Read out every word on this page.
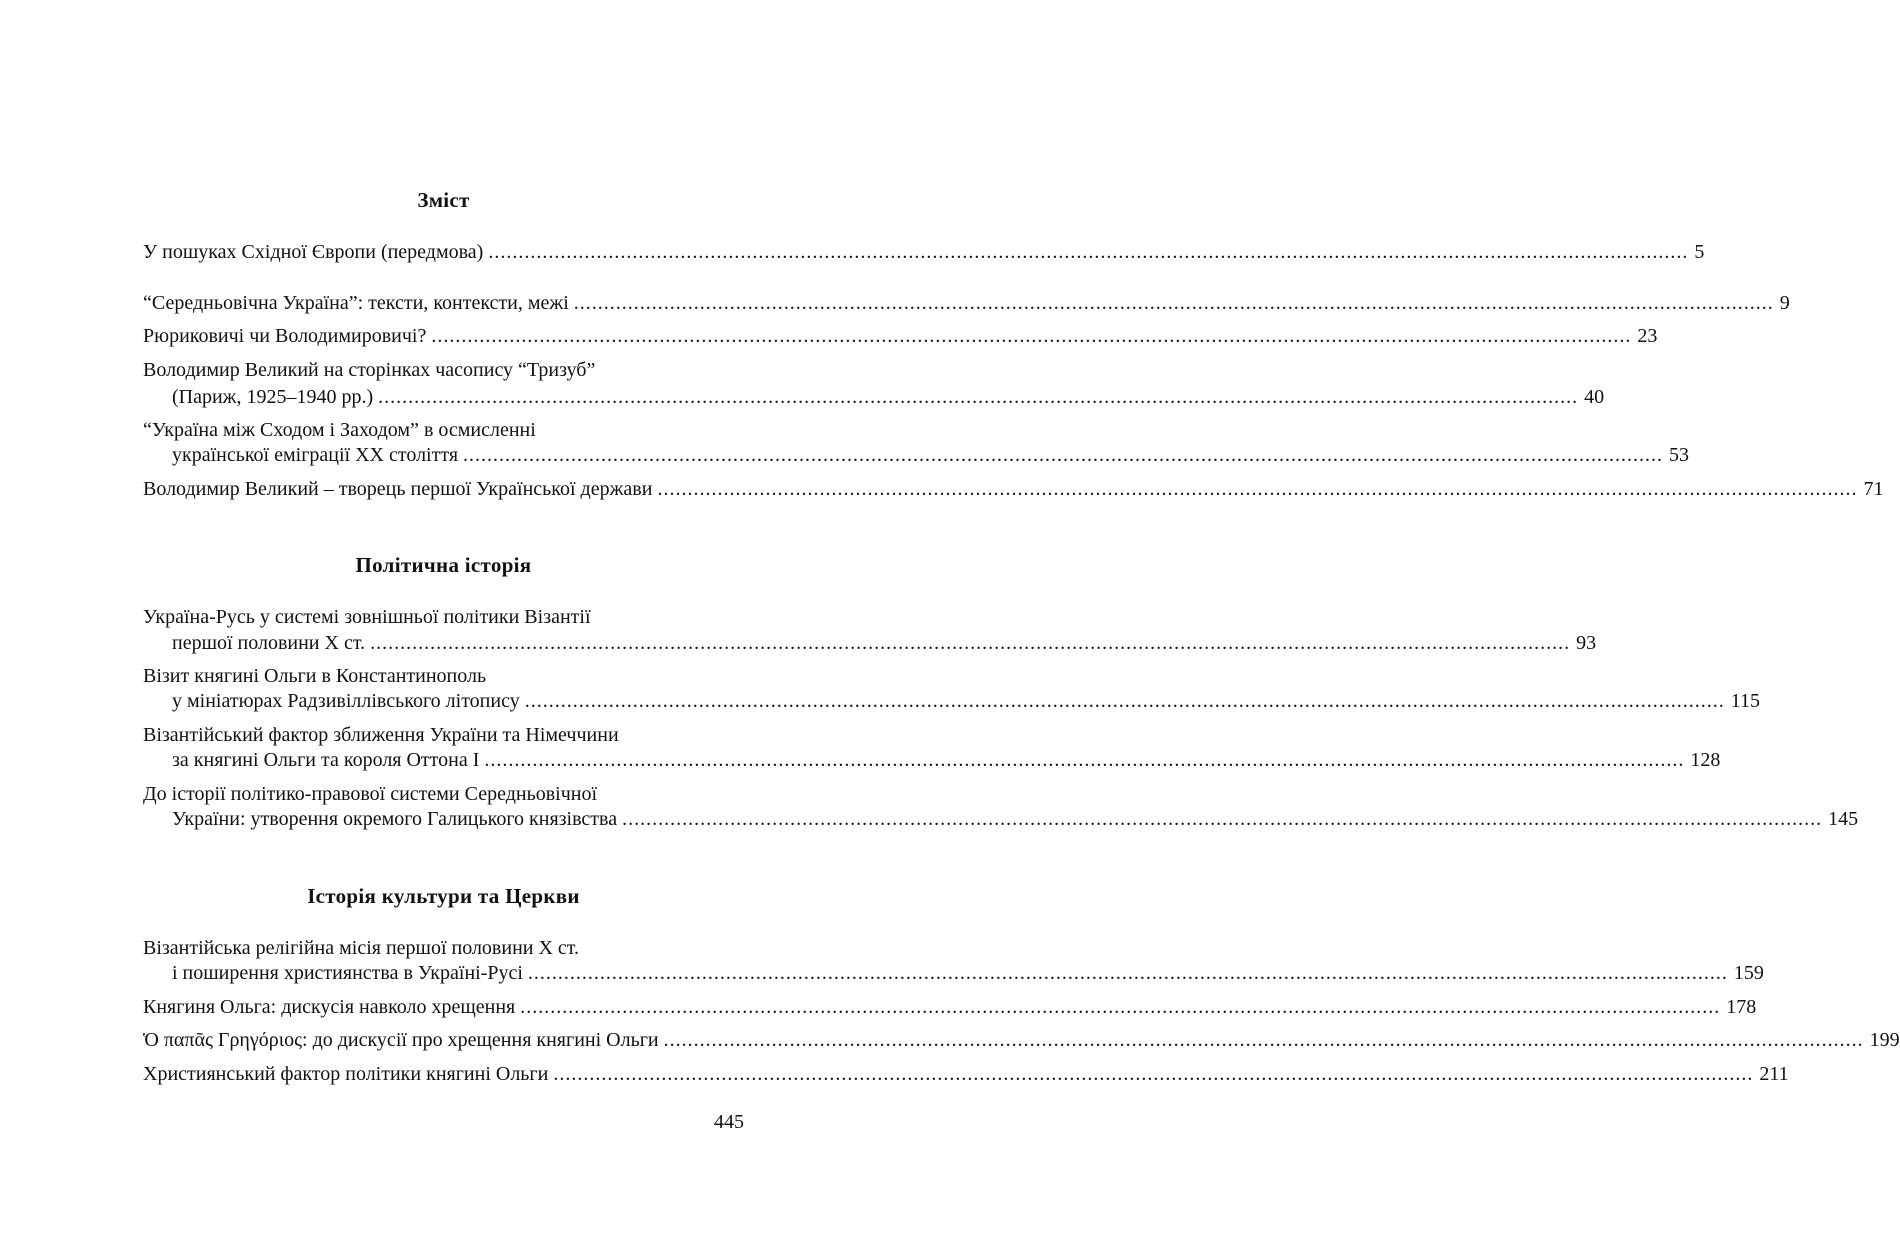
Зміст
У пошуках Східної Європи (передмова) ........................................................................................................................................................................................................ 5
“Середньовічна Україна”: тексти, контексти, межі ........................................................................................................................................................................................................ 9
Рюриковичі чи Володимировичі? ........................................................................................................................................................................................................ 23
Володимир Великий на сторінках часопису “Тризуб”
(Париж, 1925–1940 рр.) ........................................................................................................................................................................................................ 40
“Україна між Сходом і Заходом” в осмисленні
української еміграції ХХ століття ........................................................................................................................................................................................................ 53
Володимир Великий – творець першої Української держави ........................................................................................................................................................................................................ 71
Політична історія
Україна-Русь у системі зовнішньої політики Візантії
першої половини Х ст. ........................................................................................................................................................................................................ 93
Візит княгині Ольги в Константинополь
у мініатюрах Радзивіллівського літопису ........................................................................................................................................................................................................ 115
Візантійський фактор зближення України та Німеччини
за княгині Ольги та короля Оттона І ........................................................................................................................................................................................................ 128
До історії політико-правової системи Середньовічної
України: утворення окремого Галицького князівства ........................................................................................................................................................................................................ 145
Історія культури та Церкви
Візантійська релігійна місія першої половини Х ст.
і поширення християнства в Україні-Русі ........................................................................................................................................................................................................ 159
Княгиня Ольга: дискусія навколо хрещення ........................................................................................................................................................................................................ 178
Ὁ παπᾶς Γρηγόριος: до дискусії про хрещення княгині Ольги ........................................................................................................................................................................................................ 199
Християнський фактор політики княгині Ольги ........................................................................................................................................................................................................ 211
445
